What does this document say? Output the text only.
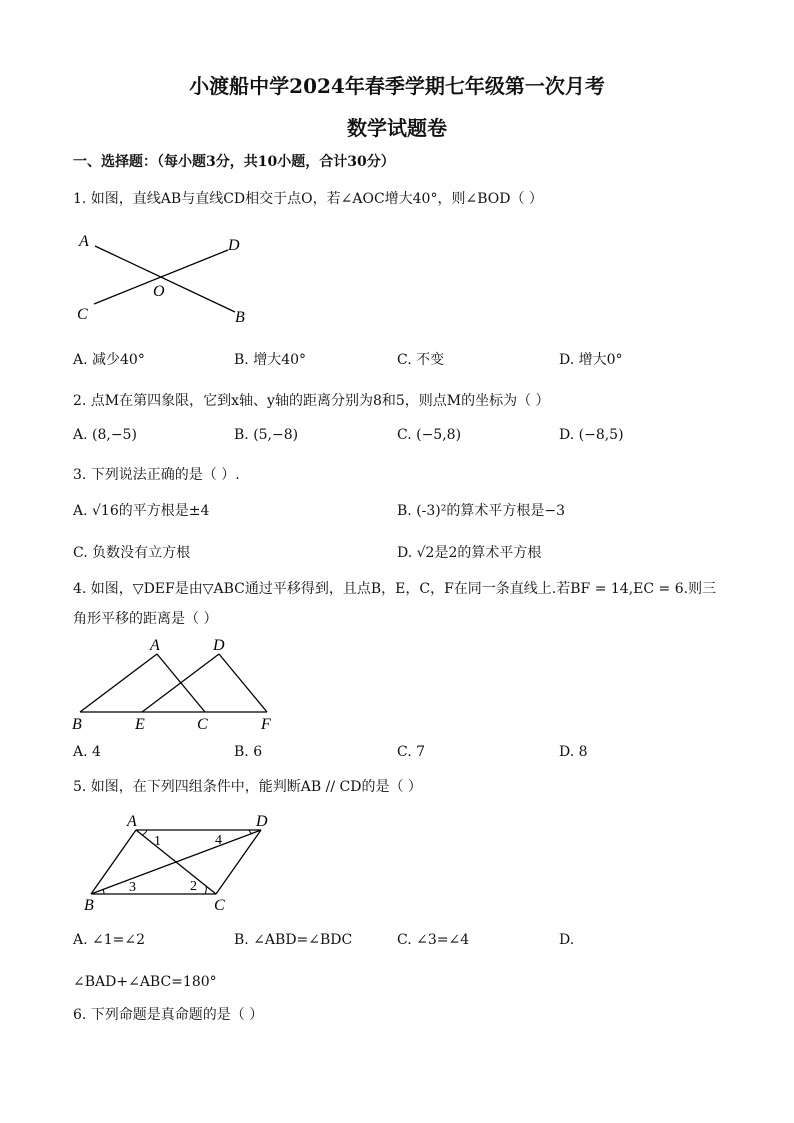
小渡船中学2024年春季学期七年级第一次月考
数学试题卷
一、选择题：（每小题3分，共10小题，合计30分）
1. 如图，直线AB与直线CD相交于点O，若∠AOC增大40°，则∠BOD（ ）
A	D
O
C	B
A. 减少40°	B. 增大40°	C. 不变	D. 增大0°
2. 点M在第四象限，它到x轴、y轴的距离分别为8和5，则点M的坐标为（ ）
A. (8,−5)	B. (5,−8)	C. (−5,8)	D. (−8,5)
3. 下列说法正确的是（ ）.
A. √16的平方根是±4	B. (-3)²的算术平方根是−3
C. 负数没有立方根	D. √2是2的算术平方根
4. 如图，▽DEF是由▽ABC通过平移得到，且点B，E，C，F在同一条直线上.若BF = 14,EC = 6.则三
角形平移的距离是（ ）
A	D
B	E	C	F
A. 4	B. 6	C. 7	D. 8
5. 如图，在下列四组条件中，能判断AB // CD的是（ ）
A	D
1	4
3	2
B	C
A. ∠1=∠2	B. ∠ABD=∠BDC	C. ∠3=∠4	D.
∠BAD+∠ABC=180°
6. 下列命题是真命题的是（ ）
